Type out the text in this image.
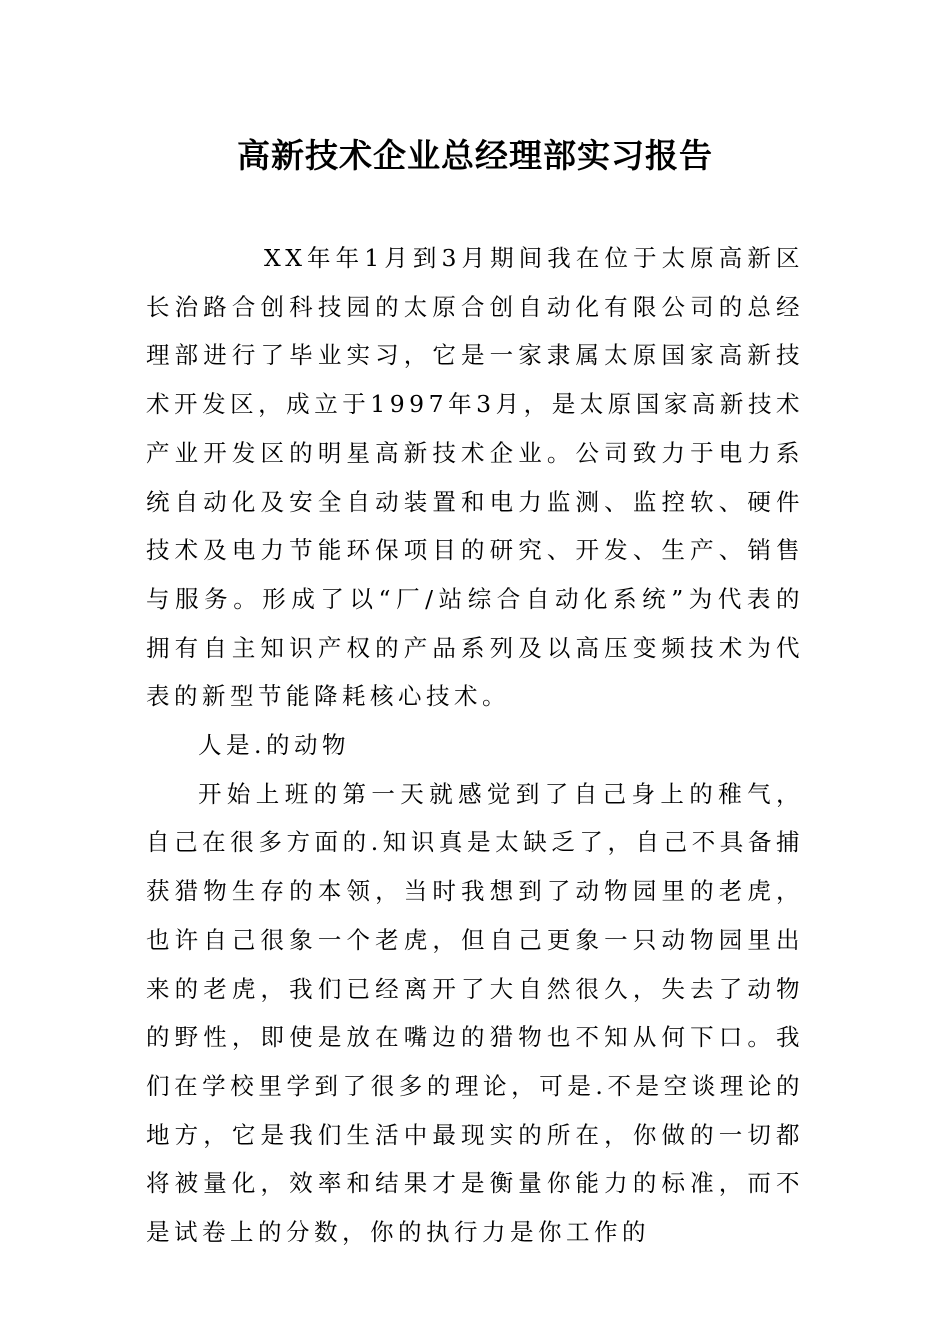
高新技术企业总经理部实习报告

XX年年1月到3月期间我在位于太原高新区长治路合创科技园的太原合创自动化有限公司的总经理部进行了毕业实习，它是一家隶属太原国家高新技术开发区，成立于1997年3月，是太原国家高新技术产业开发区的明星高新技术企业。公司致力于电力系统自动化及安全自动装置和电力监测、监控软、硬件技术及电力节能环保项目的研究、开发、生产、销售与服务。形成了以“厂/站综合自动化系统”为代表的拥有自主知识产权的产品系列及以高压变频技术为代表的新型节能降耗核心技术。

人是.的动物

开始上班的第一天就感觉到了自己身上的稚气，自己在很多方面的.知识真是太缺乏了，自己不具备捕获猎物生存的本领，当时我想到了动物园里的老虎，也许自己很象一个老虎，但自己更象一只动物园里出来的老虎，我们已经离开了大自然很久，失去了动物的野性，即使是放在嘴边的猎物也不知从何下口。我们在学校里学到了很多的理论，可是.不是空谈理论的地方，它是我们生活中最现实的所在，你做的一切都将被量化，效率和结果才是衡量你能力的标准，而不是试卷上的分数，你的执行力是你工作的
